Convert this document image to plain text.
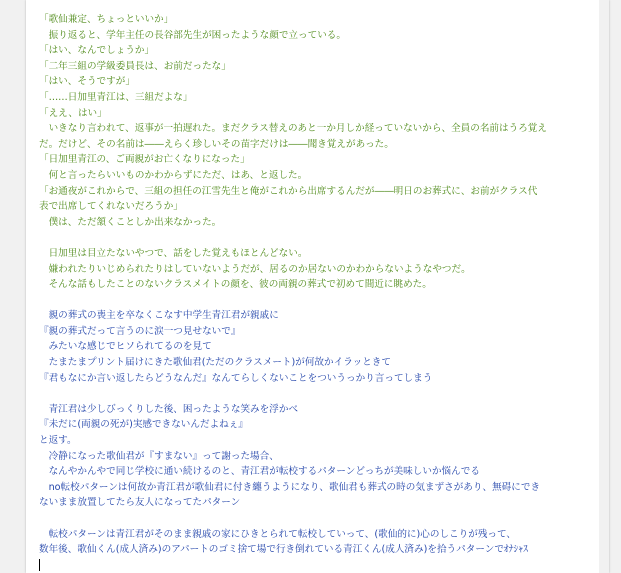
「歌仙兼定、ちょっといいか」
　振り返ると、学年主任の長谷部先生が困ったような顔で立っている。
「はい、なんでしょうか」
「二年三組の学級委員長は、お前だったな」
「はい、そうですが」
「……日加里青江は、三組だよな」
「ええ、はい」
　いきなり言われて、返事が一拍遅れた。まだクラス替えのあと一か月しか経っていないから、全員の名前はうろ覚え
だ。だけど、その名前は――えらく珍しいその苗字だけは――聞き覚えがあった。
「日加里青江の、ご両親がお亡くなりになった」
　何と言ったらいいものかわからずにただ、はあ、と返した。
「お通夜がこれからで、三組の担任の江雪先生と俺がこれから出席するんだが――明日のお葬式に、お前がクラス代
表で出席してくれないだろうか」
　僕は、ただ頷くことしか出来なかった。
　日加里は目立たないやつで、話をした覚えもほとんどない。
　嫌われたりいじめられたりはしていないようだが、居るのか居ないのかわからないようなやつだ。
　そんな話もしたことのないクラスメイトの顔を、彼の両親の葬式で初めて間近に眺めた。
　親の葬式の喪主を卒なくこなす中学生青江君が親戚に
『親の葬式だって言うのに涙一つ見せないで』
　みたいな感じでヒソられてるのを見て
　たまたまプリント届けにきた歌仙君(ただのクラスメート)が何故かイラッときて
『君もなにか言い返したらどうなんだ』なんてらしくないことをついうっかり言ってしまう
　青江君は少しびっくりした後、困ったような笑みを浮かべ
『未だに(両親の死が)実感できないんだよねぇ』
と返す。
　冷静になった歌仙君が『すまない』って謝った場合、
　なんやかんやで同じ学校に通い続けるのと、青江君が転校するパターンどっちが美味しいか悩んでる
　no転校パターンは何故か青江君が歌仙君に付き纏うようになり、歌仙君も葬式の時の気まずさがあり、無碍にでき
ないまま放置してたら友人になってたパターン
　転校パターンは青江君がそのまま親戚の家にひきとられて転校していって、(歌仙的に)心のしこりが残って、
数年後、歌仙くん(成人済み)のアパートのゴミ捨て場で行き倒れている青江くん(成人済み)を拾うパターンでｵﾅｼｬｽ
